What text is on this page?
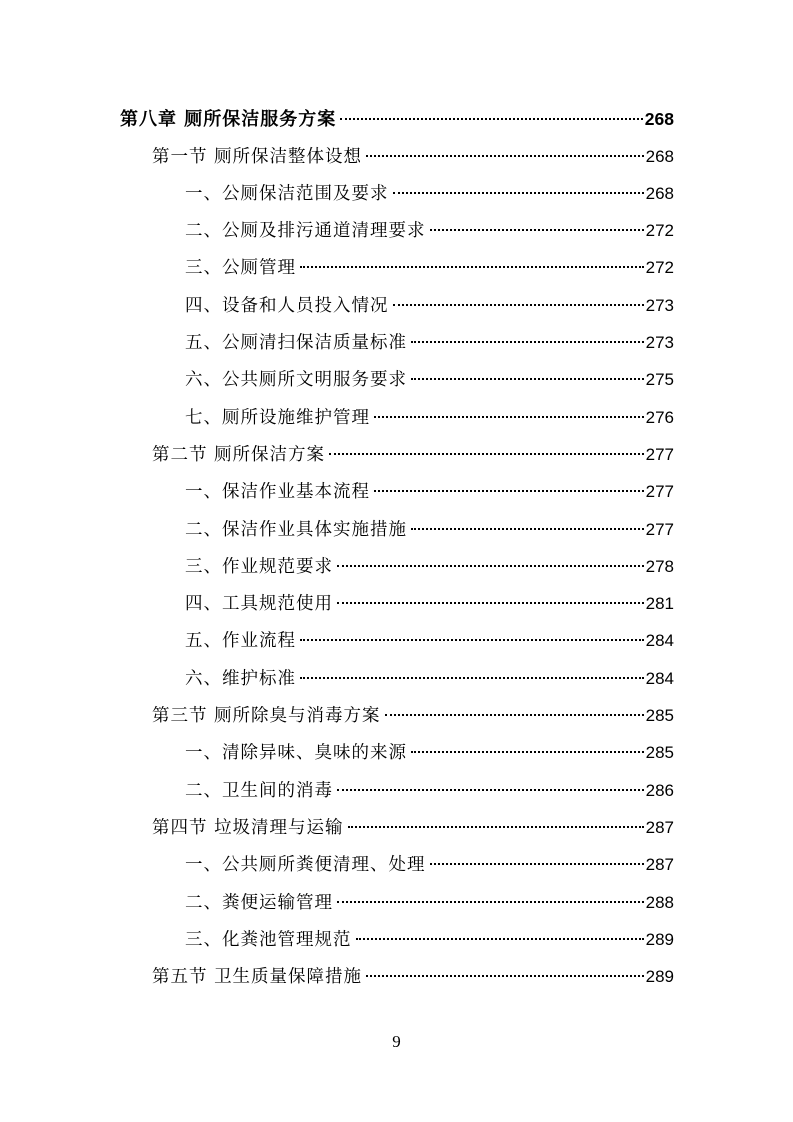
第八章 厕所保洁服务方案	268
第一节 厕所保洁整体设想	268
一、公厕保洁范围及要求	268
二、公厕及排污通道清理要求	272
三、公厕管理	272
四、设备和人员投入情况	273
五、公厕清扫保洁质量标准	273
六、公共厕所文明服务要求	275
七、厕所设施维护管理	276
第二节 厕所保洁方案	277
一、保洁作业基本流程	277
二、保洁作业具体实施措施	277
三、作业规范要求	278
四、工具规范使用	281
五、作业流程	284
六、维护标准	284
第三节 厕所除臭与消毒方案	285
一、清除异味、臭味的来源	285
二、卫生间的消毒	286
第四节 垃圾清理与运输	287
一、公共厕所粪便清理、处理	287
二、粪便运输管理	288
三、化粪池管理规范	289
第五节 卫生质量保障措施	289
9
